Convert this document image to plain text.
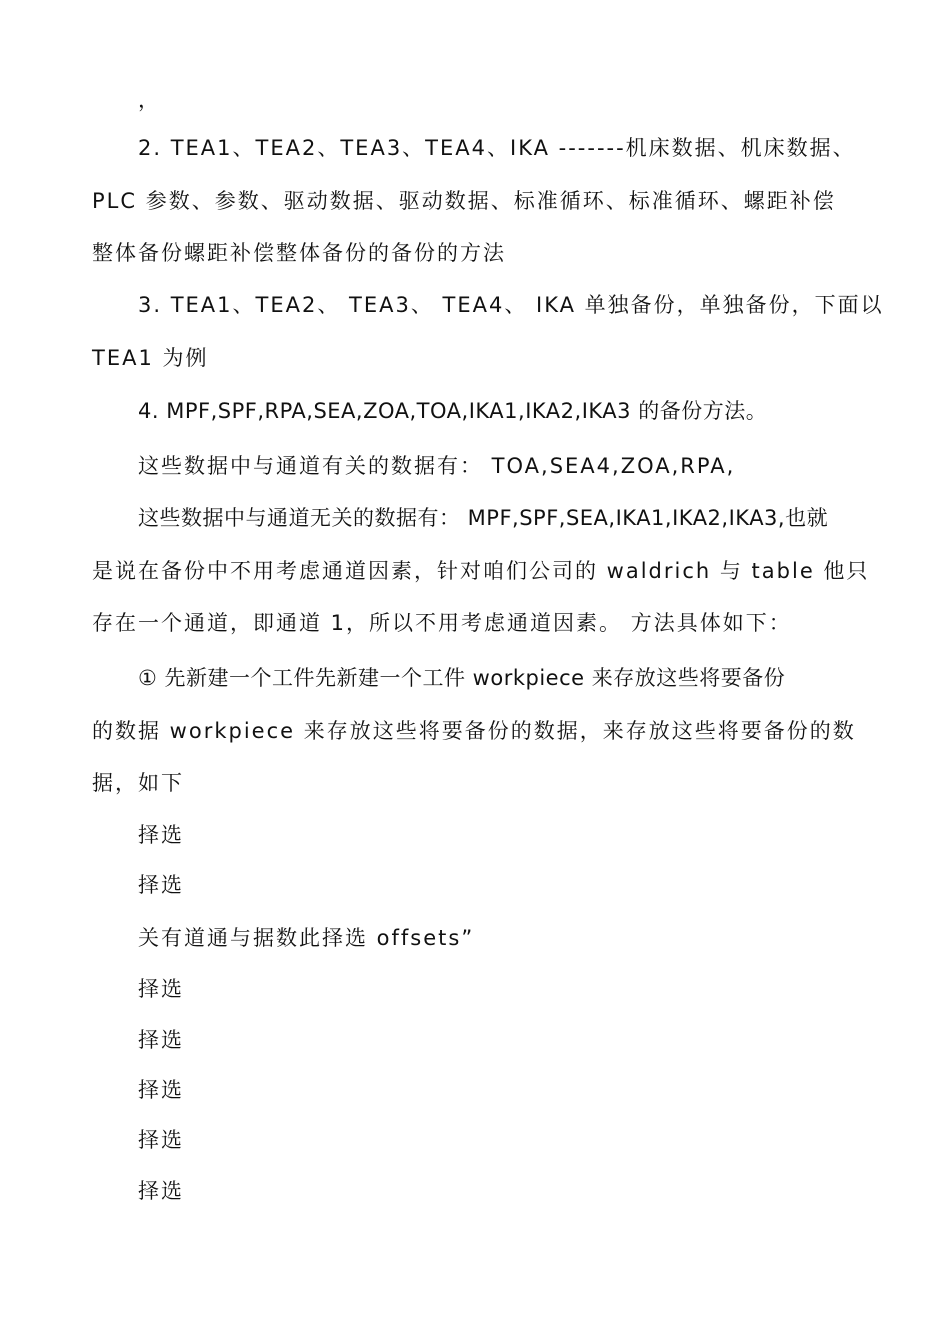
，
2. TEA1、TEA2、TEA3、TEA4、IKA -------机床数据、机床数据、
PLC 参数、参数、驱动数据、驱动数据、标准循环、标准循环、螺距补偿
整体备份螺距补偿整体备份的备份的方法
3. TEA1、TEA2、 TEA3、 TEA4、 IKA 单独备份，单独备份，下面以
TEA1 为例
4. MPF,SPF,RPA,SEA,ZOA,TOA,IKA1,IKA2,IKA3 的备份方法。
这些数据中与通道有关的数据有： TOA,SEA4,ZOA,RPA,
这些数据中与通道无关的数据有： MPF,SPF,SEA,IKA1,IKA2,IKA3,也就
是说在备份中不用考虑通道因素，针对咱们公司的 waldrich 与 table 他只
存在一个通道，即通道 1，所以不用考虑通道因素。 方法具体如下：
① 先新建一个工件先新建一个工件 workpiece 来存放这些将要备份
的数据 workpiece 来存放这些将要备份的数据，来存放这些将要备份的数
据，如下
择选
择选
关有道通与据数此择选 offsets”
择选
择选
择选
择选
择选
